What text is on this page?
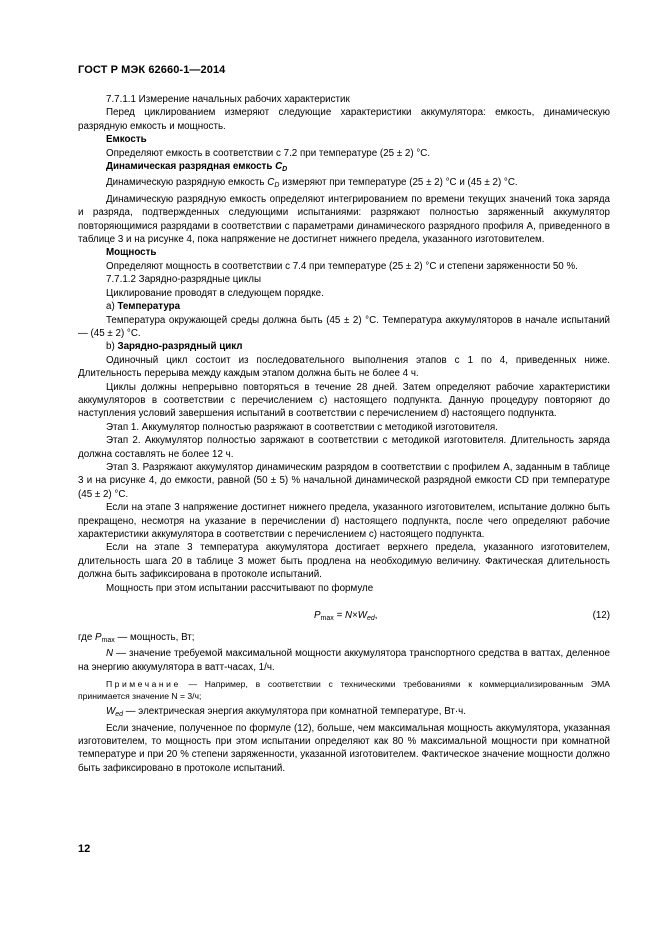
ГОСТ Р МЭК 62660-1—2014

7.7.1.1 Измерение начальных рабочих характеристик

Перед циклированием измеряют следующие характеристики аккумулятора: емкость, динамическую разрядную емкость и мощность.

Емкость

Определяют емкость в соответствии с 7.2 при температуре (25 ± 2) °С.

Динамическая разрядная емкость $C_D$

Динамическую разрядную емкость $C_D$ измеряют при температуре (25 ± 2) °С и (45 ± 2) °С.

Динамическую разрядную емкость определяют интегрированием по времени текущих значений тока заряда и разряда, подтвержденных следующими испытаниями: разряжают полностью заряженный аккумулятор повторяющимися разрядами в соответствии с параметрами динамического разрядного профиля А, приведенного в таблице 3 и на рисунке 4, пока напряжение не достигнет нижнего предела, указанного изготовителем.

Мощность

Определяют мощность в соответствии с 7.4 при температуре (25 ± 2) °С и степени заряженности 50 %.

7.7.1.2 Зарядно-разрядные циклы

Циклирование проводят в следующем порядке.

a) Температура

Температура окружающей среды должна быть (45 ± 2) °С. Температура аккумуляторов в начале испытаний — (45 ± 2) °С.

b) Зарядно-разрядный цикл

Одиночный цикл состоит из последовательного выполнения этапов с 1 по 4, приведенных ниже. Длительность перерыва между каждым этапом должна быть не более 4 ч.

Циклы должны непрерывно повторяться в течение 28 дней. Затем определяют рабочие характеристики аккумуляторов в соответствии с перечислением с) настоящего подпункта. Данную процедуру повторяют до наступления условий завершения испытаний в соответствии с перечислением d) настоящего подпункта.

Этап 1. Аккумулятор полностью разряжают в соответствии с методикой изготовителя.

Этап 2. Аккумулятор полностью заряжают в соответствии с методикой изготовителя. Длительность заряда должна составлять не более 12 ч.

Этап 3. Разряжают аккумулятор динамическим разрядом в соответствии с профилем А, заданным в таблице 3 и на рисунке 4, до емкости, равной (50 ± 5) % начальной динамической разрядной емкости CD при температуре (45 ± 2) °С.

Если на этапе 3 напряжение достигнет нижнего предела, указанного изготовителем, испытание должно быть прекращено, несмотря на указание в перечислении d) настоящего подпункта, после чего определяют рабочие характеристики аккумулятора в соответствии с перечислением с) настоящего подпункта.

Если на этапе 3 температура аккумулятора достигает верхнего предела, указанного изготовителем, длительность шага 20 в таблице 3 может быть продлена на необходимую величину. Фактическая длительность должна быть зафиксирована в протоколе испытаний.

Мощность при этом испытании рассчитывают по формуле

$P_{max} = N\times W_{ed}$,	(12)

где $P_{max}$ — мощность, Вт;

N — значение требуемой максимальной мощности аккумулятора транспортного средства в ваттах, деленное на энергию аккумулятора в ватт-часах, 1/ч.

Примечание — Например, в соответствии с техническими требованиями к коммерциализированным ЭМА принимается значение N = 3/ч;

$W_{ed}$ — электрическая энергия аккумулятора при комнатной температуре, Вт·ч.

Если значение, полученное по формуле (12), больше, чем максимальная мощность аккумулятора, указанная изготовителем, то мощность при этом испытании определяют как 80 % максимальной мощности при комнатной температуре и при 20 % степени заряженности, указанной изготовителем. Фактическое значение мощности должно быть зафиксировано в протоколе испытаний.

12
